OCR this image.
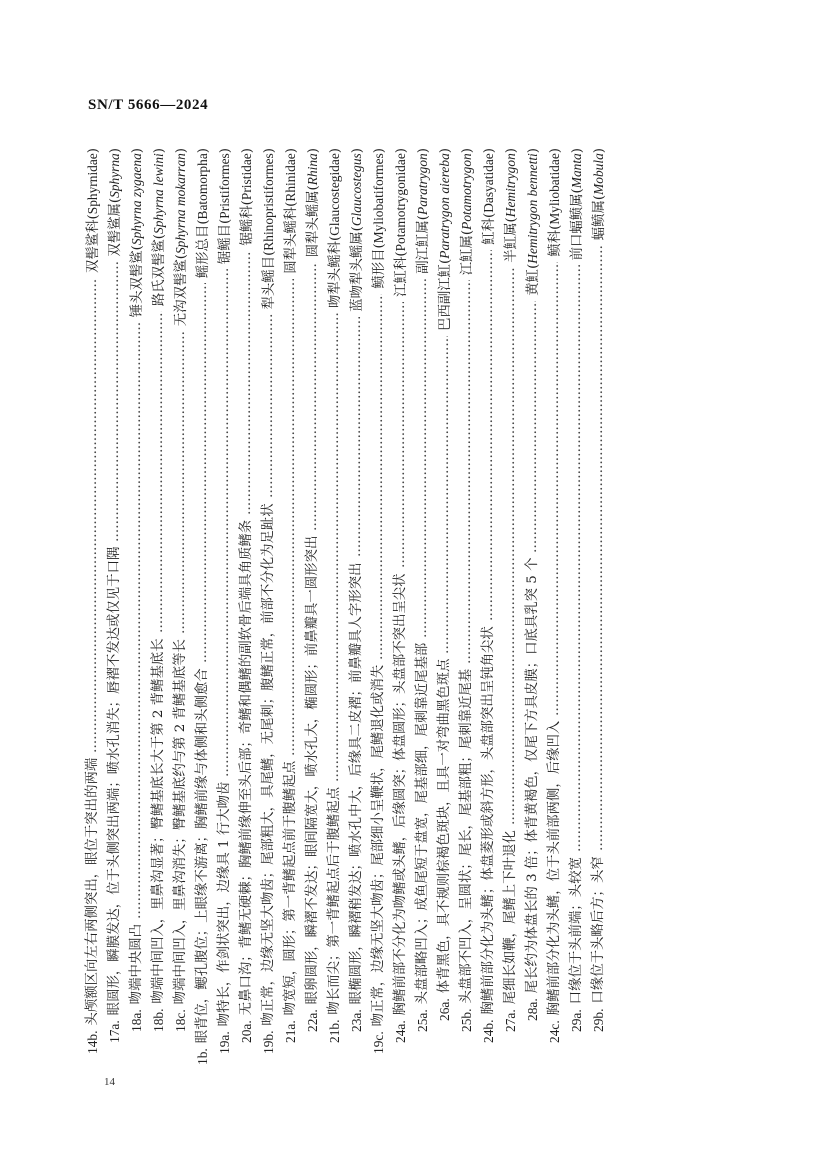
SN/T 5666—2024
14b.
头颅额区向左右两侧突出，眼位于突出的两端
双髻鲨科(Sphyrnidae)
17a.
眼圆形，瞬膜发达，位于头侧突出两端；喷水孔消失；唇褶不发达或仅见于口隅
双髻鲨属(Sphyrna)
18a.
吻端中央圆凸
锤头双髻鲨(Sphyrna zygaena)
18b.
吻端中间凹入，里鼻沟显著；臀鳍基底长大于第 2 背鳍基底长
路氏双髻鲨(Sphyrna lewini)
18c.
吻端中间凹入，里鼻沟消失；臀鳍基底约与第 2 背鳍基底等长
无沟双髻鲨(Sphyrna mokarran)
1b.
眼背位，鳃孔腹位；上眼缘不游离；胸鳍前缘与体侧和头侧愈合
鳐形总目(Batomorpha)
19a.
吻特长，作剑状突出，边缘具 1 行大吻齿
锯鳐目(Pristiformes)
20a.
无鼻口沟；背鳍无硬棘；胸鳍前缘伸至头后部；奇鳍和偶鳍的副软骨后端具角质鳍条
锯鳐科(Pristidae)
19b.
吻正常，边缘无坚大吻齿；尾部粗大，具尾鳍，无尾刺；腹鳍正常，前部不分化为足趾状
犁头鳐目(Rhinopristiformes)
21a.
吻宽短，圆形；第一背鳍起点前于腹鳍起点
圆犁头鳐科(Rhinidae)
22a.
眼卵圆形，瞬褶不发达；眼间隔宽大，喷水孔大，椭圆形；前鼻瓣具一圆形突出
圆犁头鳐属(Rhina)
21b.
吻长而尖；第一背鳍起点后于腹鳍起点
吻犁头鳐科(Glaucostegidae)
23a.
眼椭圆形，瞬褶稍发达；喷水孔中大，后缘具二皮褶；前鼻瓣具人字形突出
蓝吻犁头鳐属(Glaucostegus)
19c.
吻正常，边缘无坚大吻齿；尾部细小呈鞭状，尾鳍退化或消失
鲼形目(Myliobatiformes)
24a.
胸鳍前部不分化为吻鳍或头鳍，后缘圆突；体盘圆形；头盘部不突出呈尖状
江魟科(Potamotrygonidae)
25a.
头盘部略凹入；成鱼尾短于盘宽，尾基部细，尾刺靠近尾基部
副江魟属(Paratrygon)
26a.
体背黑色，具不规则棕褐色斑块，且具一对弯曲黑色斑点
巴西副江魟(Paratrygon aiereba)
25b.
头盘部不凹入，呈圆状；尾长，尾基部粗；尾刺靠近尾基
江魟属(Potamotrygon)
24b.
胸鳍前部分化为头鳍；体盘菱形或斜方形，头盘部突出呈钝角尖状
魟科(Dasyatidae)
27a.
尾细长如鞭，尾鳍上下叶退化
半魟属(Hemitrygon)
28a.
尾长约为体盘长的 3 倍；体背黄褐色，仅尾下方具皮膜；口底具乳突 5 个
黄魟(Hemitrygon bennetti)
24c.
胸鳍前部分化为头鳍，位于头前部两侧，后缘凹入
鲼科(Myliobatidae)
29a.
口缘位于头前端；头较宽
前口蝠鲼属(Manta)
29b.
口缘位于头略后方；头窄
蝠鲼属(Mobula)
14
